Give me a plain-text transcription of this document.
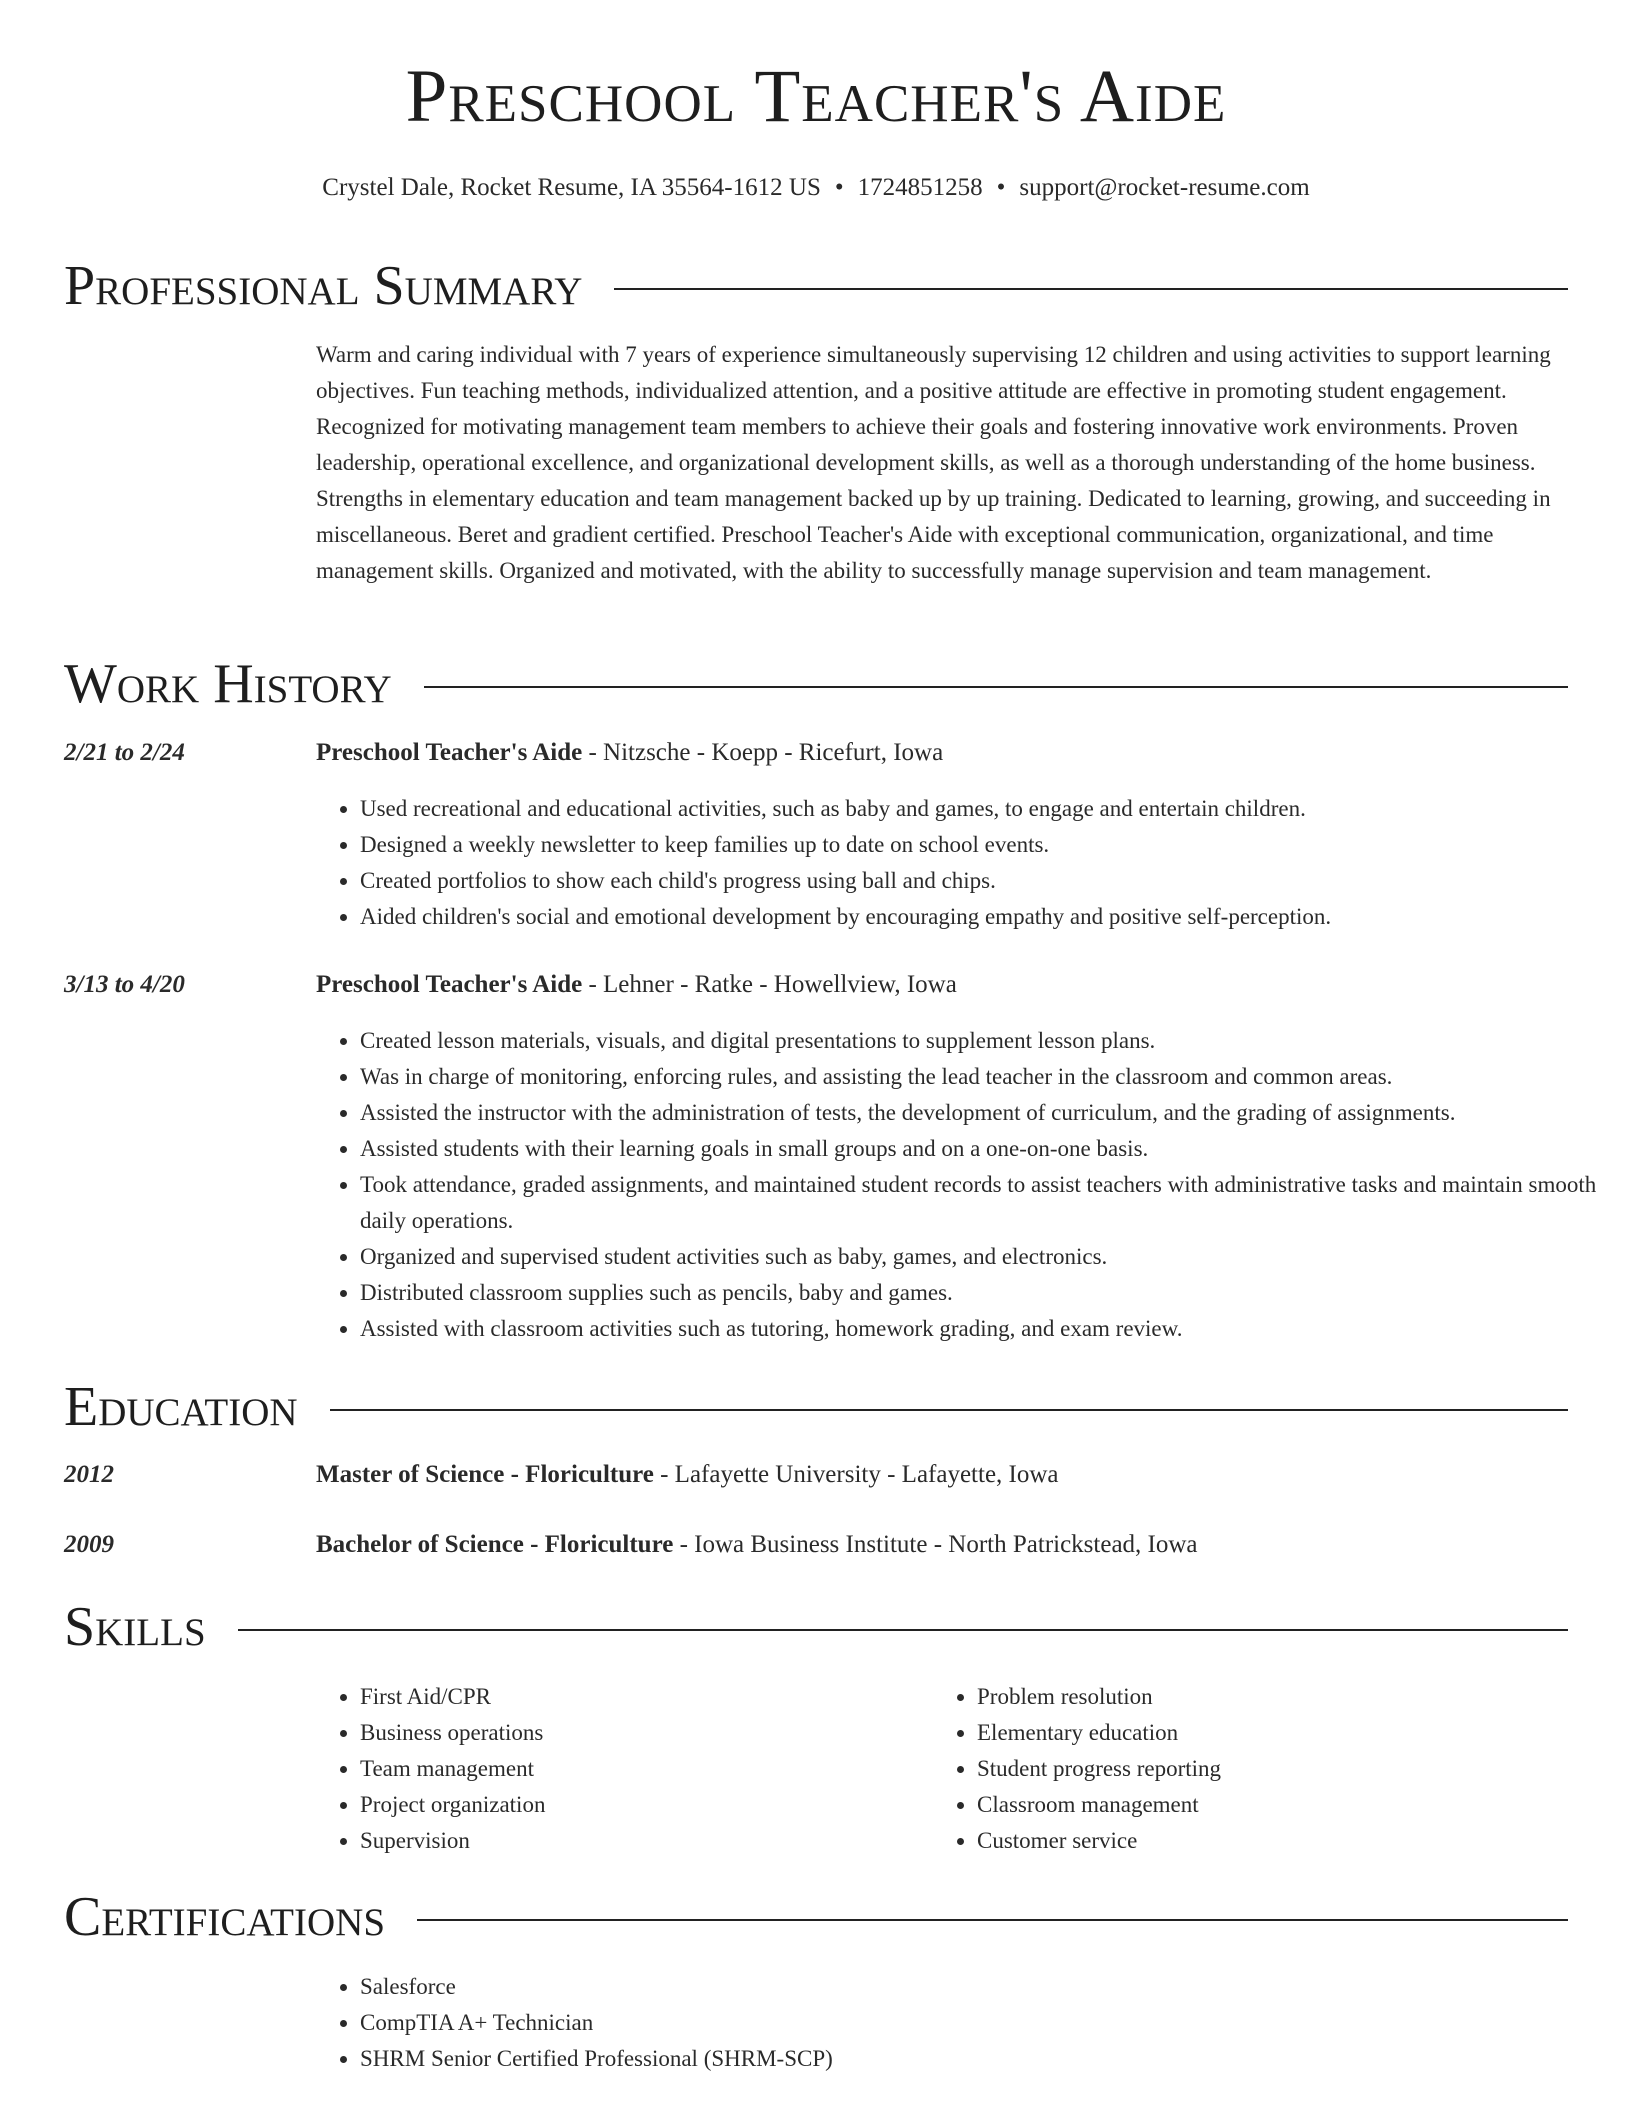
Preschool Teacher's Aide
Crystel Dale, Rocket Resume, IA 35564-1612 US • 1724851258 • support@rocket-resume.com
Professional Summary

Warm and caring individual with 7 years of experience simultaneously supervising 12 children and using activities to support learning objectives. Fun teaching methods, individualized attention, and a positive attitude are effective in promoting student engagement. Recognized for motivating management team members to achieve their goals and fostering innovative work environments. Proven leadership, operational excellence, and organizational development skills, as well as a thorough understanding of the home business. Strengths in elementary education and team management backed up by up training. Dedicated to learning, growing, and succeeding in miscellaneous. Beret and gradient certified. Preschool Teacher's Aide with exceptional communication, organizational, and time management skills. Organized and motivated, with the ability to successfully manage supervision and team management.

Work History
2/21 to 2/24	Preschool Teacher's Aide - Nitzsche - Koepp - Ricefurt, Iowa

• Used recreational and educational activities, such as baby and games, to engage and entertain children.
• Designed a weekly newsletter to keep families up to date on school events.
• Created portfolios to show each child's progress using ball and chips.
• Aided children's social and emotional development by encouraging empathy and positive self-perception.
3/13 to 4/20	Preschool Teacher's Aide - Lehner - Ratke - Howellview, Iowa

• Created lesson materials, visuals, and digital presentations to supplement lesson plans.
• Was in charge of monitoring, enforcing rules, and assisting the lead teacher in the classroom and common areas.
• Assisted the instructor with the administration of tests, the development of curriculum, and the grading of assignments.
• Assisted students with their learning goals in small groups and on a one-on-one basis.
• Took attendance, graded assignments, and maintained student records to assist teachers with administrative tasks and maintain smooth daily operations.
• Organized and supervised student activities such as baby, games, and electronics.
• Distributed classroom supplies such as pencils, baby and games.
• Assisted with classroom activities such as tutoring, homework grading, and exam review.
Education
2012	Master of Science - Floriculture - Lafayette University - Lafayette, Iowa

2009	Bachelor of Science - Floriculture - Iowa Business Institute - North Patrickstead, Iowa

Skills
• First Aid/CPR
• Business operations
• Team management
• Project organization
• Supervision
• Problem resolution
• Elementary education
• Student progress reporting
• Classroom management
• Customer service
Certifications
• Salesforce
• CompTIA A+ Technician
• SHRM Senior Certified Professional (SHRM-SCP)
